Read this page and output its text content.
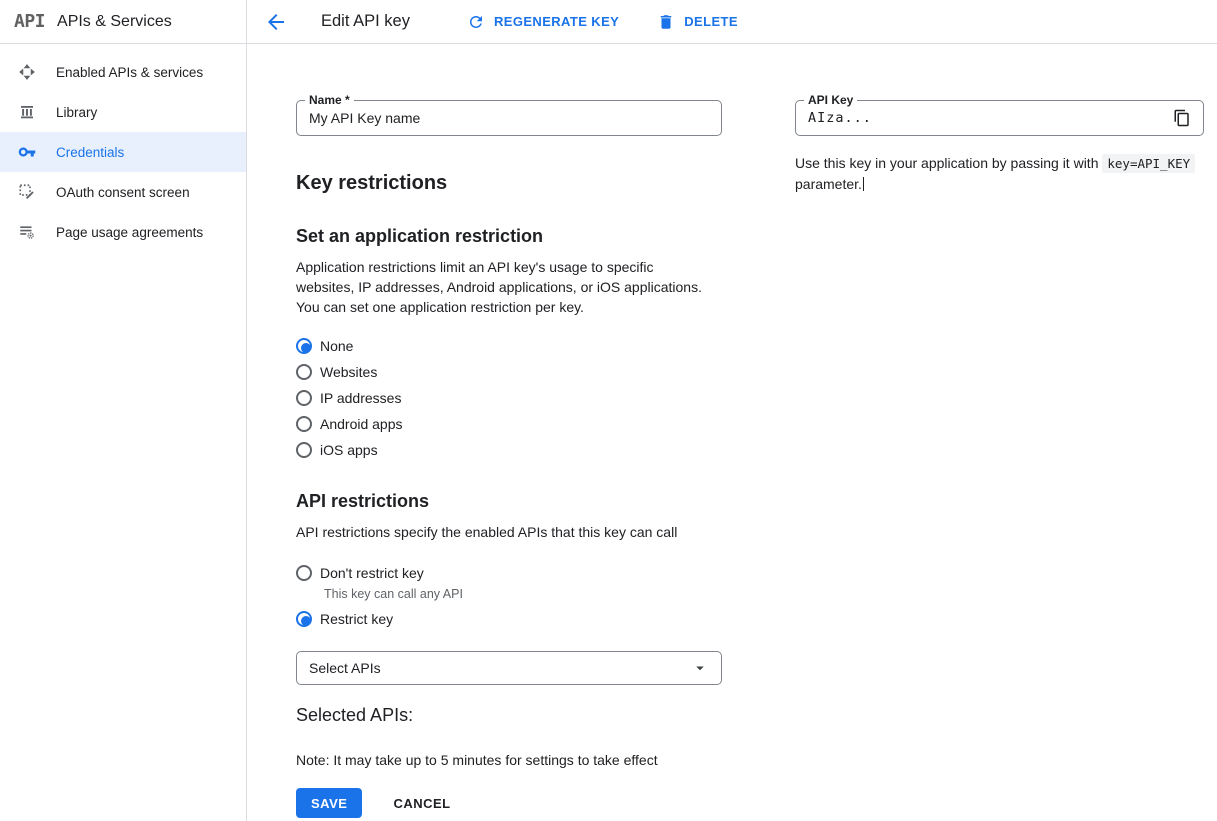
API APIs & Services
Enabled APIs & services
Library
Credentials
OAuth consent screen
Page usage agreements
Edit API key	REGENERATE KEY	DELETE
Name *
My API Key name
Key restrictions
Set an application restriction

Application restrictions limit an API key's usage to specific websites, IP addresses, Android applications, or iOS applications. You can set one application restriction per key.

None
Websites
IP addresses
Android apps
iOS apps
API restrictions

API restrictions specify the enabled APIs that this key can call

Don't restrict key
This key can call any API
Restrict key
Select APIs
Selected APIs:

Note: It may take up to 5 minutes for settings to take effect

SAVE	CANCEL
API Key
AIza...

Use this key in your application by passing it with key=API_KEY parameter.
